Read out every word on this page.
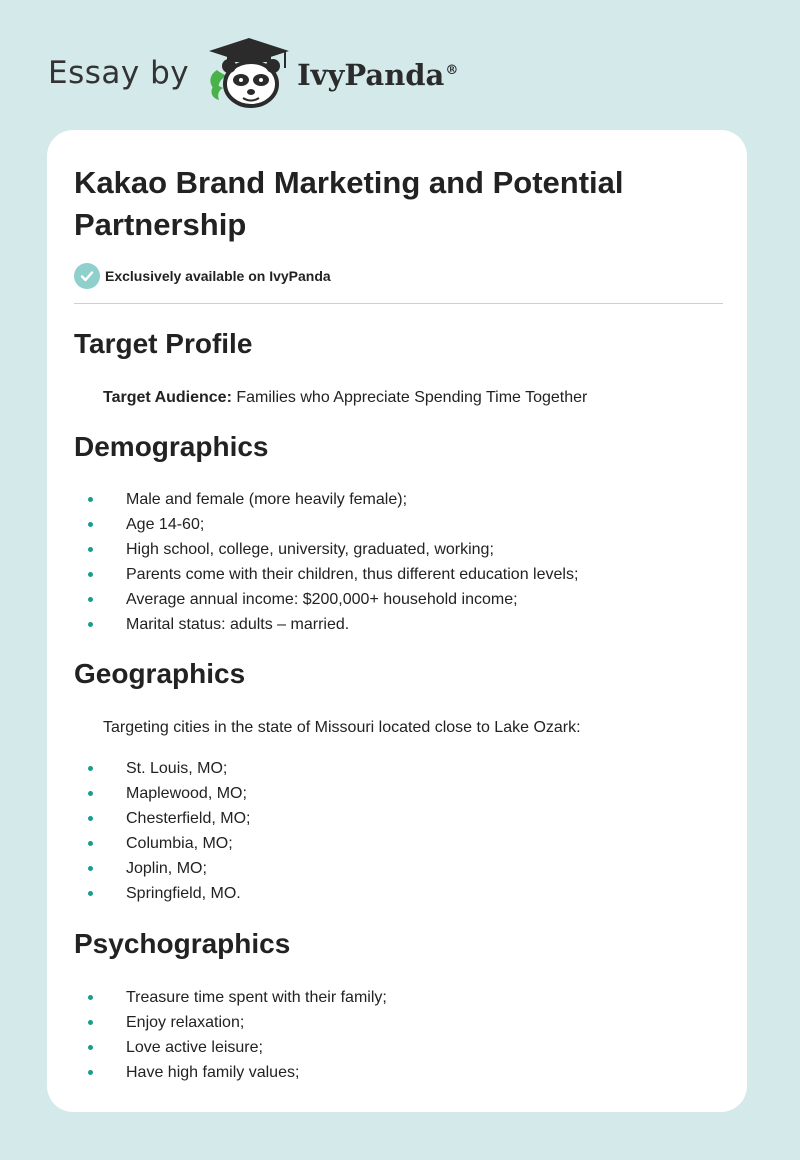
Essay by	IvyPanda®
Kakao Brand Marketing and Potential Partnership
Exclusively available on IvyPanda
Target Profile

Target Audience: Families who Appreciate Spending Time Together

Demographics
Male and female (more heavily female);
Age 14-60;
High school, college, university, graduated, working;
Parents come with their children, thus different education levels;
Average annual income: $200,000+ household income;
Marital status: adults – married.
Geographics

Targeting cities in the state of Missouri located close to Lake Ozark:

St. Louis, MO;
Maplewood, MO;
Chesterfield, MO;
Columbia, MO;
Joplin, MO;
Springfield, MO.
Psychographics
Treasure time spent with their family;
Enjoy relaxation;
Love active leisure;
Have high family values;
